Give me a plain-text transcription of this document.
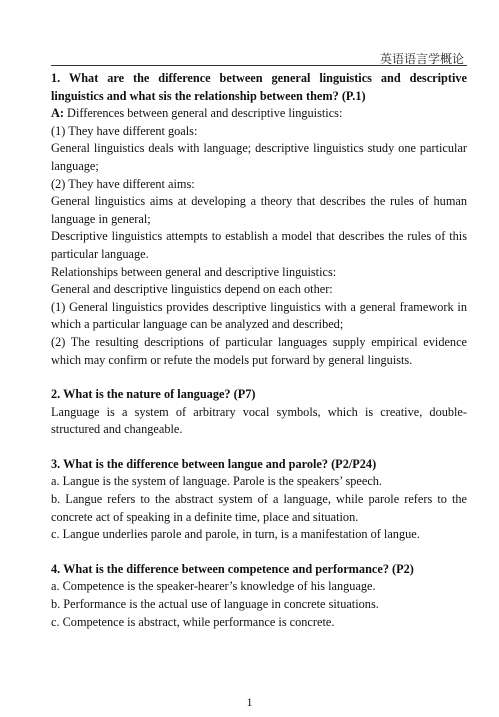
英语语言学概论

1. What are the difference between general linguistics and descriptive linguistics and what sis the relationship between them? (P.1)

A: Differences between general and descriptive linguistics:

(1) They have different goals:

General linguistics deals with language; descriptive linguistics study one particular language;

(2) They have different aims:

General linguistics aims at developing a theory that describes the rules of human language in general;

Descriptive linguistics attempts to establish a model that describes the rules of this particular language.

Relationships between general and descriptive linguistics:

General and descriptive linguistics depend on each other:

(1) General linguistics provides descriptive linguistics with a general framework in which a particular language can be analyzed and described;

(2) The resulting descriptions of particular languages supply empirical evidence which may confirm or refute the models put forward by general linguists.

2. What is the nature of language? (P7)

Language is a system of arbitrary vocal symbols, which is creative, double-structured and changeable.

3. What is the difference between langue and parole? (P2/P24)

a. Langue is the system of language. Parole is the speakers’ speech.

b. Langue refers to the abstract system of a language, while parole refers to the concrete act of speaking in a definite time, place and situation.

c. Langue underlies parole and parole, in turn, is a manifestation of langue.

4. What is the difference between competence and performance? (P2)

a. Competence is the speaker-hearer’s knowledge of his language.

b. Performance is the actual use of language in concrete situations.

c. Competence is abstract, while performance is concrete.

1
